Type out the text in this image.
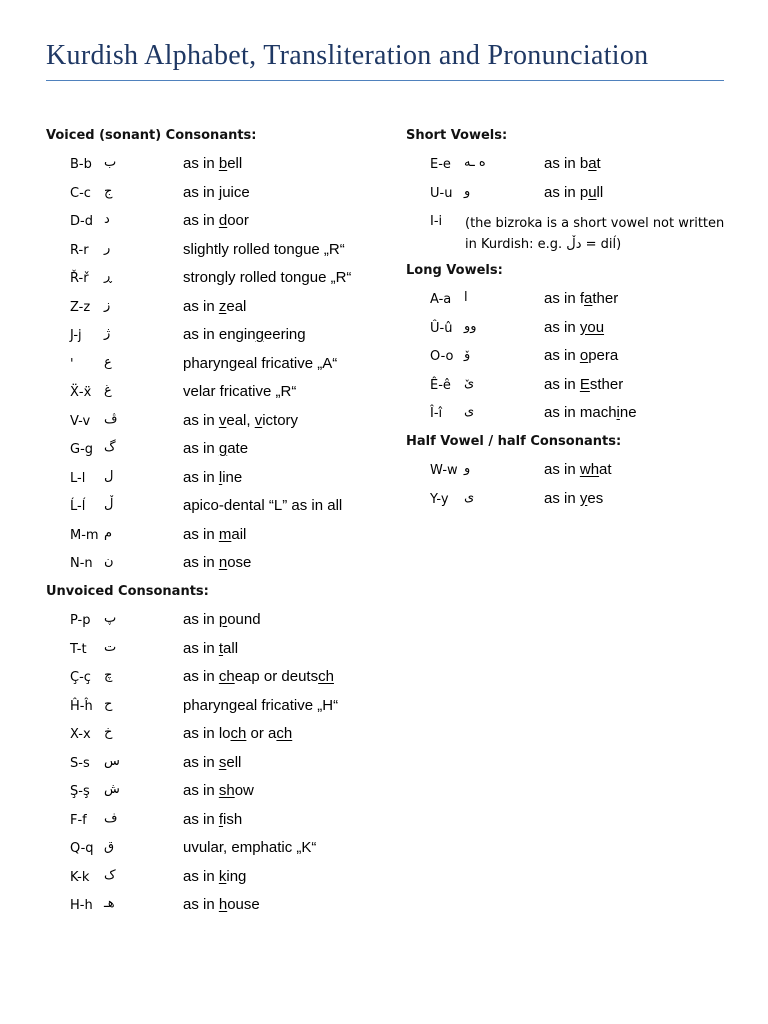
Kurdish Alphabet, Transliteration and Pronunciation
Voiced (sonant) Consonants:
B-b ب	as in bell
C-c ج	as in juice
D-d د	as in door
R-r ر	slightly rolled tongue „R“
Ř-ř ڕ	strongly rolled tongue „R“
Z-z ز	as in zeal
J-j ژ	as in engingeering
' ع	pharyngeal fricative „A“
Ẍ-ẍ غ	velar fricative „R“
V-v ڤ	as in veal, victory
G-g گ	as in gate
L-l ل	as in line
Ĺ-ĺ ڵ	apico-dental “L” as in all
M-m م	as in mail
N-n ن	as in nose
Unvoiced Consonants:
P-p پ	as in pound
T-t ت	as in tall
Ç-ç چ	as in cheap or deutsch
Ĥ-ĥ ح	pharyngeal fricative „H“
X-x خ	as in loch or ach
S-s س	as in sell
Ş-ş ش	as in show
F-f ف	as in fish
Q-q ق	uvular, emphatic „K“
K-k ک	as in king
H-h هـ	as in house
Short Vowels:
E-e ە ـە	as in bat
U-u و	as in pull
I-i (the bizroka is a short vowel not written
in Kurdish: e.g. دڵ = diĺ)
Long Vowels:
A-a ا	as in father
Û-û وو	as in you
O-o ۆ	as in opera
Ê-ê ێ	as in Esther
Î-î ی	as in machine
Half Vowel / half Consonants:
W-w و	as in what
Y-y ی	as in yes
